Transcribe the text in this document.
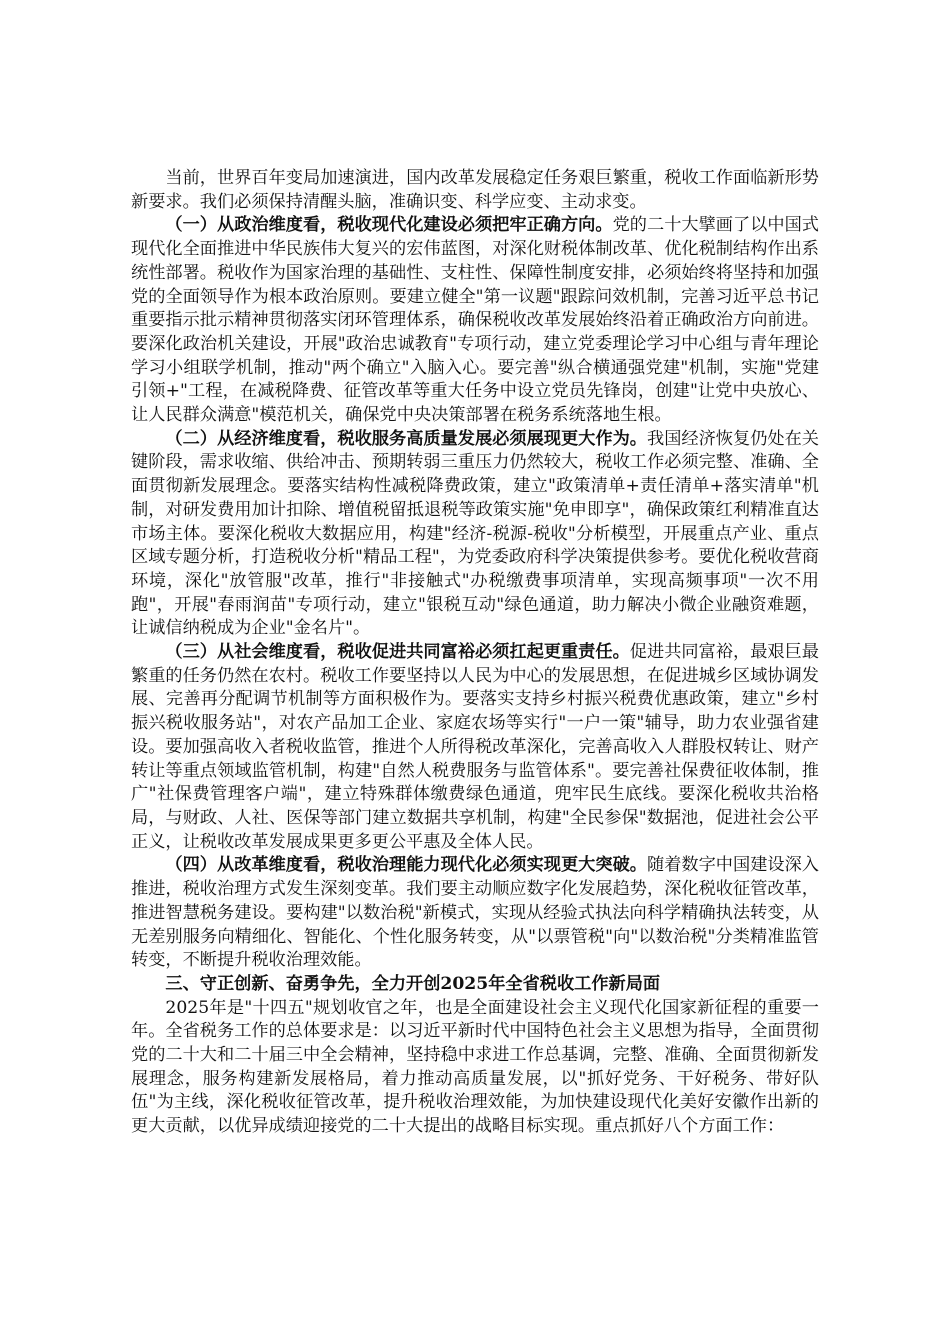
当前，世界百年变局加速演进，国内改革发展稳定任务艰巨繁重，税收工作面临新形势新要求。我们必须保持清醒头脑，准确识变、科学应变、主动求变。

（一）从政治维度看，税收现代化建设必须把牢正确方向。党的二十大擘画了以中国式现代化全面推进中华民族伟大复兴的宏伟蓝图，对深化财税体制改革、优化税制结构作出系统性部署。税收作为国家治理的基础性、支柱性、保障性制度安排，必须始终将坚持和加强党的全面领导作为根本政治原则。要建立健全"第一议题"跟踪问效机制，完善习近平总书记重要指示批示精神贯彻落实闭环管理体系，确保税收改革发展始终沿着正确政治方向前进。要深化政治机关建设，开展"政治忠诚教育"专项行动，建立党委理论学习中心组与青年理论学习小组联学机制，推动"两个确立"入脑入心。要完善"纵合横通强党建"机制，实施"党建引领+"工程，在减税降费、征管改革等重大任务中设立党员先锋岗，创建"让党中央放心、让人民群众满意"模范机关，确保党中央决策部署在税务系统落地生根。

（二）从经济维度看，税收服务高质量发展必须展现更大作为。我国经济恢复仍处在关键阶段，需求收缩、供给冲击、预期转弱三重压力仍然较大，税收工作必须完整、准确、全面贯彻新发展理念。要落实结构性减税降费政策，建立"政策清单+责任清单+落实清单"机制，对研发费用加计扣除、增值税留抵退税等政策实施"免申即享"，确保政策红利精准直达市场主体。要深化税收大数据应用，构建"经济-税源-税收"分析模型，开展重点产业、重点区域专题分析，打造税收分析"精品工程"，为党委政府科学决策提供参考。要优化税收营商环境，深化"放管服"改革，推行"非接触式"办税缴费事项清单，实现高频事项"一次不用跑"，开展"春雨润苗"专项行动，建立"银税互动"绿色通道，助力解决小微企业融资难题，让诚信纳税成为企业"金名片"。

（三）从社会维度看，税收促进共同富裕必须扛起更重责任。促进共同富裕，最艰巨最繁重的任务仍然在农村。税收工作要坚持以人民为中心的发展思想，在促进城乡区域协调发展、完善再分配调节机制等方面积极作为。要落实支持乡村振兴税费优惠政策，建立"乡村振兴税收服务站"，对农产品加工企业、家庭农场等实行"一户一策"辅导，助力农业强省建设。要加强高收入者税收监管，推进个人所得税改革深化，完善高收入人群股权转让、财产转让等重点领域监管机制，构建"自然人税费服务与监管体系"。要完善社保费征收体制，推广"社保费管理客户端"，建立特殊群体缴费绿色通道，兜牢民生底线。要深化税收共治格局，与财政、人社、医保等部门建立数据共享机制，构建"全民参保"数据池，促进社会公平正义，让税收改革发展成果更多更公平惠及全体人民。

（四）从改革维度看，税收治理能力现代化必须实现更大突破。随着数字中国建设深入推进，税收治理方式发生深刻变革。我们要主动顺应数字化发展趋势，深化税收征管改革，推进智慧税务建设。要构建"以数治税"新模式，实现从经验式执法向科学精确执法转变，从无差别服务向精细化、智能化、个性化服务转变，从"以票管税"向"以数治税"分类精准监管转变，不断提升税收治理效能。

三、守正创新、奋勇争先，全力开创2025年全省税收工作新局面

2025年是"十四五"规划收官之年，也是全面建设社会主义现代化国家新征程的重要一年。全省税务工作的总体要求是：以习近平新时代中国特色社会主义思想为指导，全面贯彻党的二十大和二十届三中全会精神，坚持稳中求进工作总基调，完整、准确、全面贯彻新发展理念，服务构建新发展格局，着力推动高质量发展，以"抓好党务、干好税务、带好队伍"为主线，深化税收征管改革，提升税收治理效能，为加快建设现代化美好安徽作出新的更大贡献，以优异成绩迎接党的二十大提出的战略目标实现。重点抓好八个方面工作：
